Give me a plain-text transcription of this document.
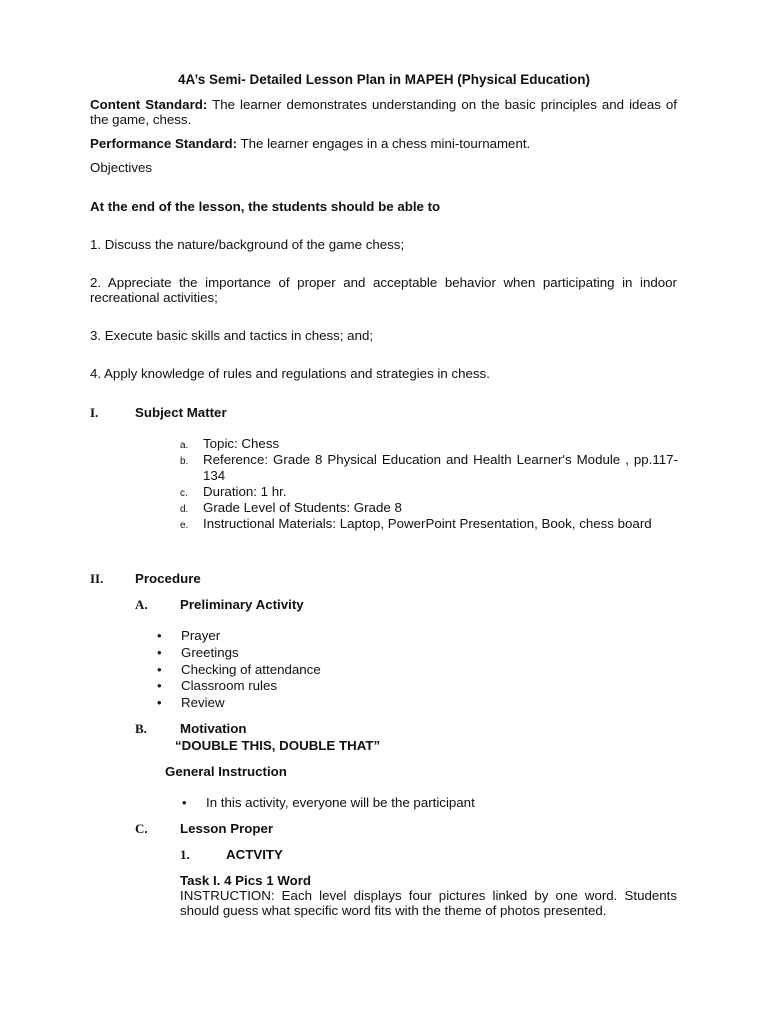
4A’s Semi- Detailed Lesson Plan in MAPEH (Physical Education)
Content Standard: The learner demonstrates understanding on the basic principles and ideas of the game, chess.
Performance Standard: The learner engages in a chess mini-tournament.
Objectives
At the end of the lesson, the students should be able to
1. Discuss the nature/background of the game chess;
2. Appreciate the importance of proper and acceptable behavior when participating in indoor recreational activities;
3. Execute basic skills and tactics in chess; and;
4. Apply knowledge of rules and regulations and strategies in chess.
I.	Subject Matter
a. Topic: Chess
b. Reference: Grade 8 Physical Education and Health Learner's Module , pp.117-134
c. Duration: 1 hr.
d. Grade Level of Students: Grade 8
e. Instructional Materials: Laptop, PowerPoint Presentation, Book, chess board
II. Procedure
A. Preliminary Activity
• Prayer
• Greetings
• Checking of attendance
• Classroom rules
• Review
B. Motivation
“DOUBLE THIS, DOUBLE THAT”
General Instruction
• In this activity, everyone will be the participant
C. Lesson Proper
1.	ACTVITY
Task I. 4 Pics 1 Word
INSTRUCTION: Each level displays four pictures linked by one word. Students should guess what specific word fits with the theme of photos presented.
